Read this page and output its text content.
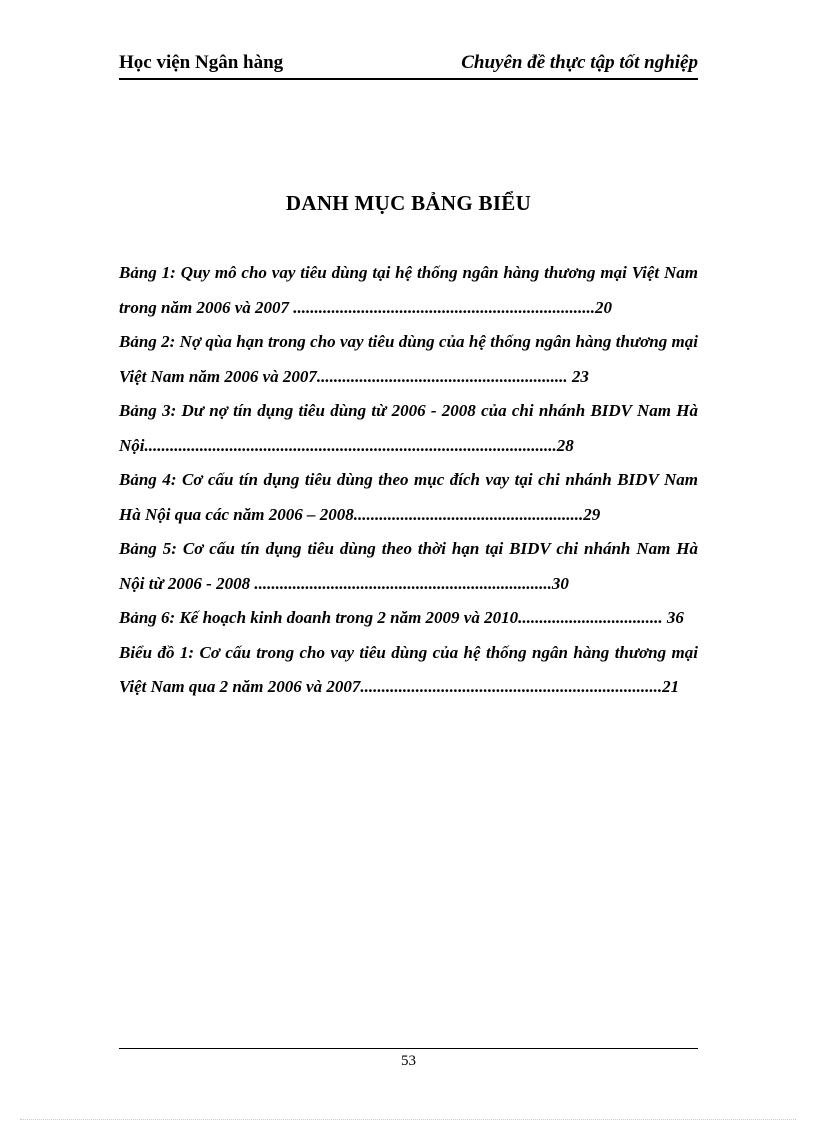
Học viện Ngân hàng	Chuyên đề thực tập tốt nghiệp
DANH MỤC BẢNG BIỂU
Bảng 1: Quy mô cho vay tiêu dùng tại hệ thống ngân hàng thương mại Việt Nam trong năm 2006 và 2007 .......................................................................20
Bảng 2: Nợ qùa hạn trong cho vay tiêu dùng của hệ thống ngân hàng thương mại Việt Nam năm 2006 và 2007........................................................... 23
Bảng 3: Dư nợ tín dụng tiêu dùng từ 2006 - 2008 của chi nhánh BIDV Nam Hà Nội.................................................................................................28
Bảng 4: Cơ cấu tín dụng tiêu dùng theo mục đích vay tại chi nhánh BIDV Nam Hà Nội qua các năm 2006 – 2008......................................................29
Bảng 5: Cơ cấu tín dụng tiêu dùng theo thời hạn tại BIDV chi nhánh Nam Hà Nội từ 2006 - 2008 ......................................................................30
Bảng 6: Kế hoạch kinh doanh trong 2 năm 2009 và 2010.................................. 36
Biểu đồ 1: Cơ cấu trong cho vay tiêu dùng của hệ thống ngân hàng thương mại Việt Nam qua 2 năm 2006 và 2007.......................................................................21
53
